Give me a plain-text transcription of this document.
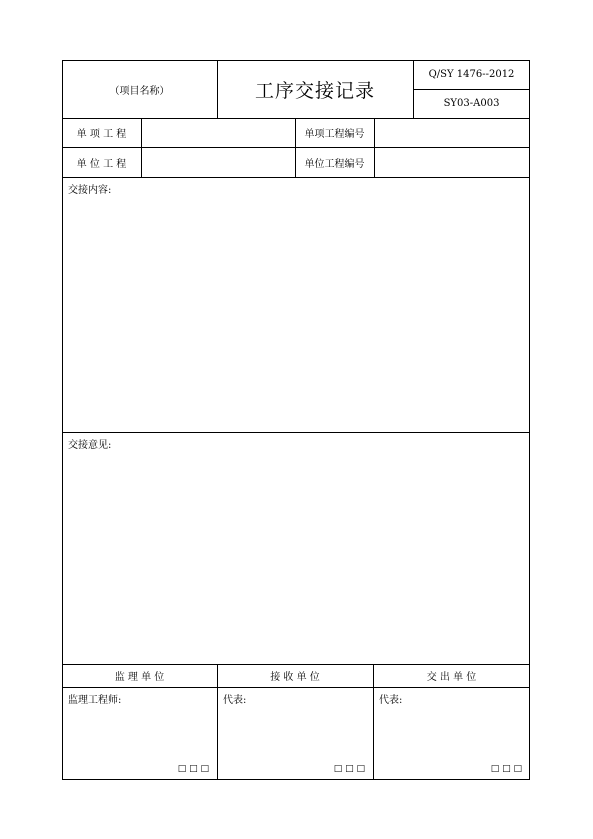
（项目名称）	工序交接记录
Q/SY 1476--2012
SY03-A003
单 项 工 程	单项工程编号
单 位 工 程	单位工程编号
交接内容:
交接意见:
监 理 单 位	接 收 单 位	交 出 单 位
监理工程师:
□ □ □
代表:
□ □ □
代表:
□ □ □
